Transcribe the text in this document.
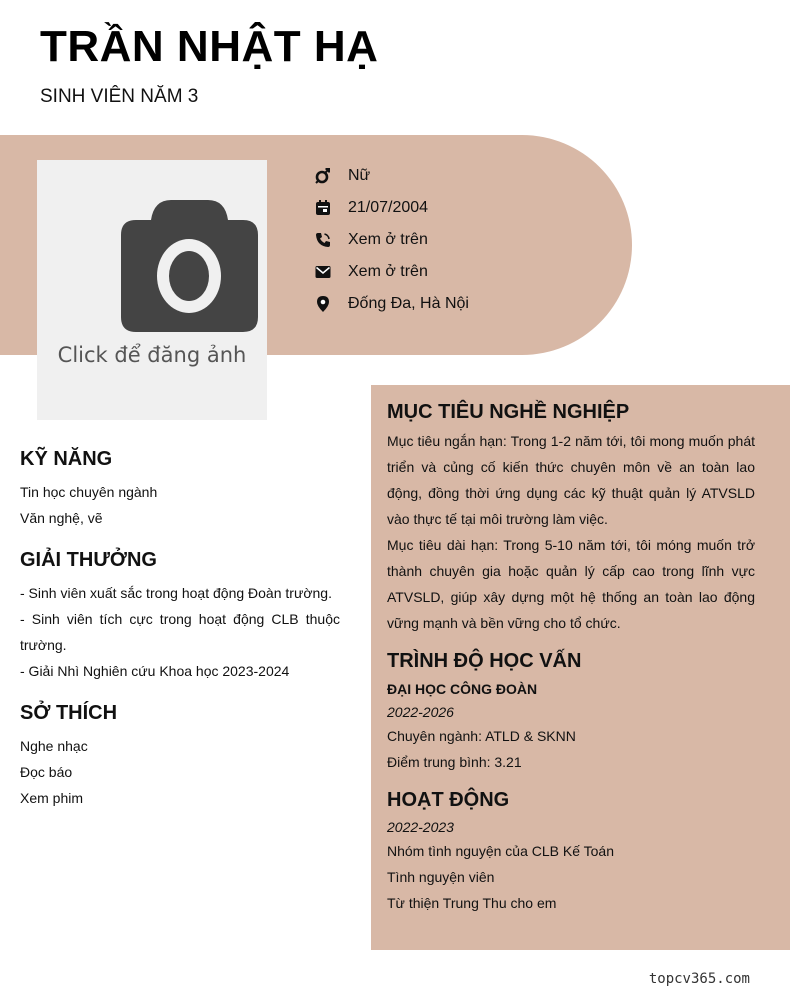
TRẦN NHẬT HẠ

SINH VIÊN NĂM 3

Click để đăng ảnh
Nữ
21/07/2004
Xem ở trên
Xem ở trên
Đống Đa, Hà Nội
KỸ NĂNG
Tin học chuyên ngành
Văn nghệ, vẽ
GIẢI THƯỞNG
- Sinh viên xuất sắc trong hoạt động Đoàn trường.
- Sinh viên tích cực trong hoạt động CLB thuộc trường.
- Giải Nhì Nghiên cứu Khoa học 2023-2024
SỞ THÍCH
Nghe nhạc
Đọc báo
Xem phim
MỤC TIÊU NGHỀ NGHIỆP
Mục tiêu ngắn hạn: Trong 1-2 năm tới, tôi mong muốn phát triển và củng cố kiến thức chuyên môn về an toàn lao động, đồng thời ứng dụng các kỹ thuật quản lý ATVSLD vào thực tế tại môi trường làm việc.
Mục tiêu dài hạn: Trong 5-10 năm tới, tôi móng muốn trở thành chuyên gia hoặc quản lý cấp cao trong lĩnh vực ATVSLD, giúp xây dựng một hệ thống an toàn lao động vững mạnh và bền vững cho tổ chức.
TRÌNH ĐỘ HỌC VẤN
ĐẠI HỌC CÔNG ĐOÀN
2022-2026
Chuyên ngành: ATLD & SKNN
Điểm trung bình: 3.21
HOẠT ĐỘNG
2022-2023
Nhóm tình nguyện của CLB Kế Toán
Tình nguyện viên
Từ thiện Trung Thu cho em
topcv365.com
